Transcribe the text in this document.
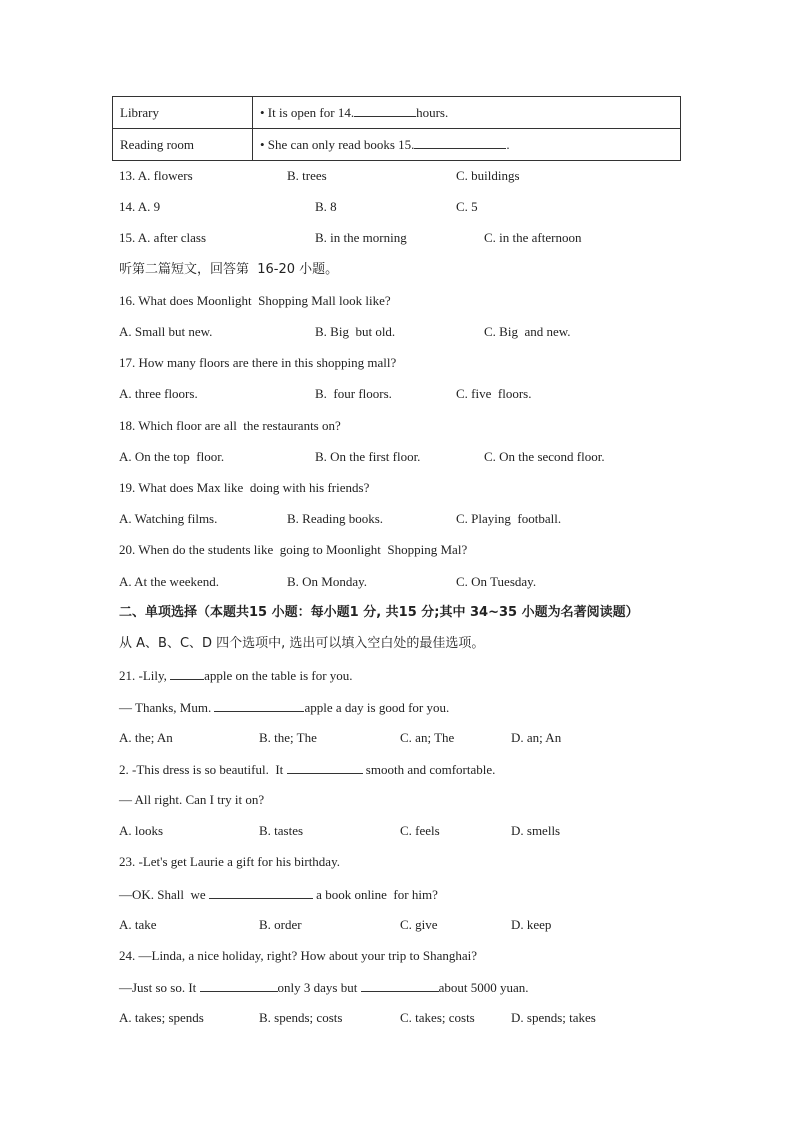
Library	• It is open for 14. hours.
Reading room	• She can only read books 15. .
13. A. flowers	B. trees	C. buildings
14. A. 9	B. 8	C. 5
15. A. after class	B. in the morning	C. in the afternoon
听第二篇短文，回答第  16-20 小题。
16. What does Moonlight  Shopping Mall look like?
A. Small but new.	B. Big  but old.	C. Big  and new.
17. How many floors are there in this shopping mall?
A. three floors.	B.  four floors.	C. five  floors.
18. Which floor are all  the restaurants on?
A. On the top  floor.	B. On the first floor.	C. On the second floor.
19. What does Max like  doing with his friends?
A. Watching films.	B. Reading books.	C. Playing  football.
20. When do the students like  going to Moonlight  Shopping Mal?
A. At the weekend.	B. On Monday.	C. On Tuesday.
二、单项选择（本题共15 小题：每小题1 分, 共15 分;其中 34~35 小题为名著阅读题）
从 A、B、C、D 四个选项中, 选出可以填入空白处的最佳选项。
21. -Lily,	apple on the table is for you.
— Thanks, Mum.	apple a day is good for you.
A. the; An	B. the; The	C. an; The	D. an; An
2. -This dress is so beautiful.  It	smooth and comfortable.
— All right. Can I try it on?
A. looks	B. tastes	C. feels	D. smells
23. -Let's get Laurie a gift for his birthday.
—OK. Shall  we	a book online  for him?
A. take	B. order	C. give	D. keep
24. —Linda, a nice holiday, right? How about your trip to Shanghai?
—Just so so. It	only 3 days but	about 5000 yuan.
A. takes; spends	B. spends; costs	C. takes; costs	D. spends; takes
